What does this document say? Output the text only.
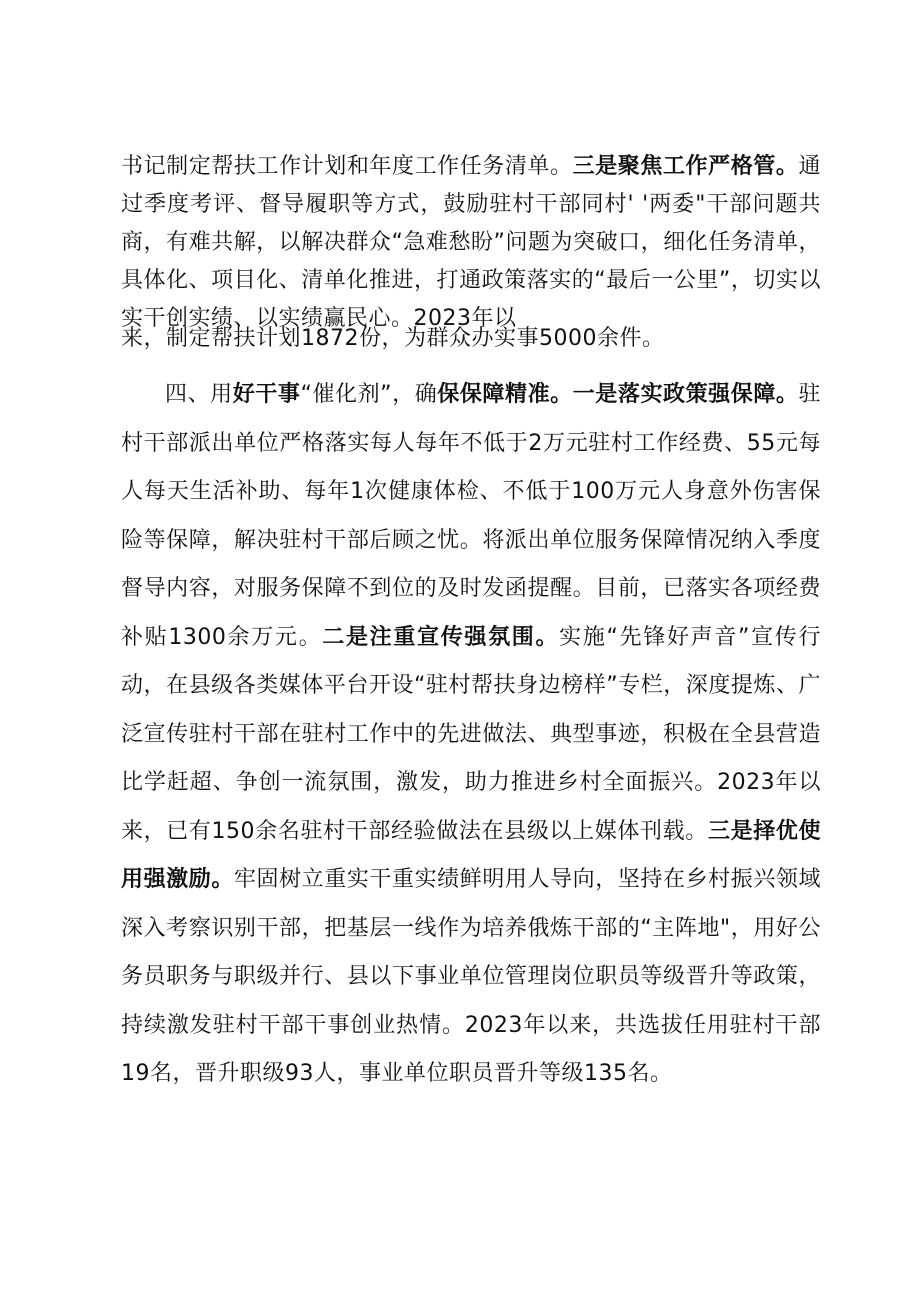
书记制定帮扶工作计划和年度工作任务清单。三是聚焦工作严格管。通过季度考评、督导履职等方式，鼓励驻村干部同村' '两委"干部问题共商，有难共解，以解决群众“急难愁盼”问题为突破口，细化任务清单，具体化、项目化、清单化推进，打通政策落实的“最后一公里”，切实以实干创实绩、以实绩赢民心。2023年以

来，制定帮扶计划1872份，为群众办实事5000余件。

四、用好干事“催化剂”，确保保障精准。一是落实政策强保障。驻村干部派出单位严格落实每人每年不低于2万元驻村工作经费、55元每人每天生活补助、每年1次健康体检、不低于100万元人身意外伤害保险等保障，解决驻村干部后顾之忧。将派出单位服务保障情况纳入季度督导内容，对服务保障不到位的及时发函提醒。目前，已落实各项经费补贴1300余万元。二是注重宣传强氛围。实施“先锋好声音”宣传行动，在县级各类媒体平台开设“驻村帮扶身边榜样”专栏，深度提炼、广泛宣传驻村干部在驻村工作中的先进做法、典型事迹，积极在全县营造比学赶超、争创一流氛围，激发，助力推进乡村全面振兴。2023年以来，已有150余名驻村干部经验做法在县级以上媒体刊载。三是择优使用强激励。牢固树立重实干重实绩鲜明用人导向，坚持在乡村振兴领域深入考察识别干部，把基层一线作为培养俄炼干部的“主阵地"，用好公务员职务与职级并行、县以下事业单位管理岗位职员等级晋升等政策，持续激发驻村干部干事创业热情。2023年以来，共选拔任用驻村干部19名，晋升职级93人，事业单位职员晋升等级135名。
